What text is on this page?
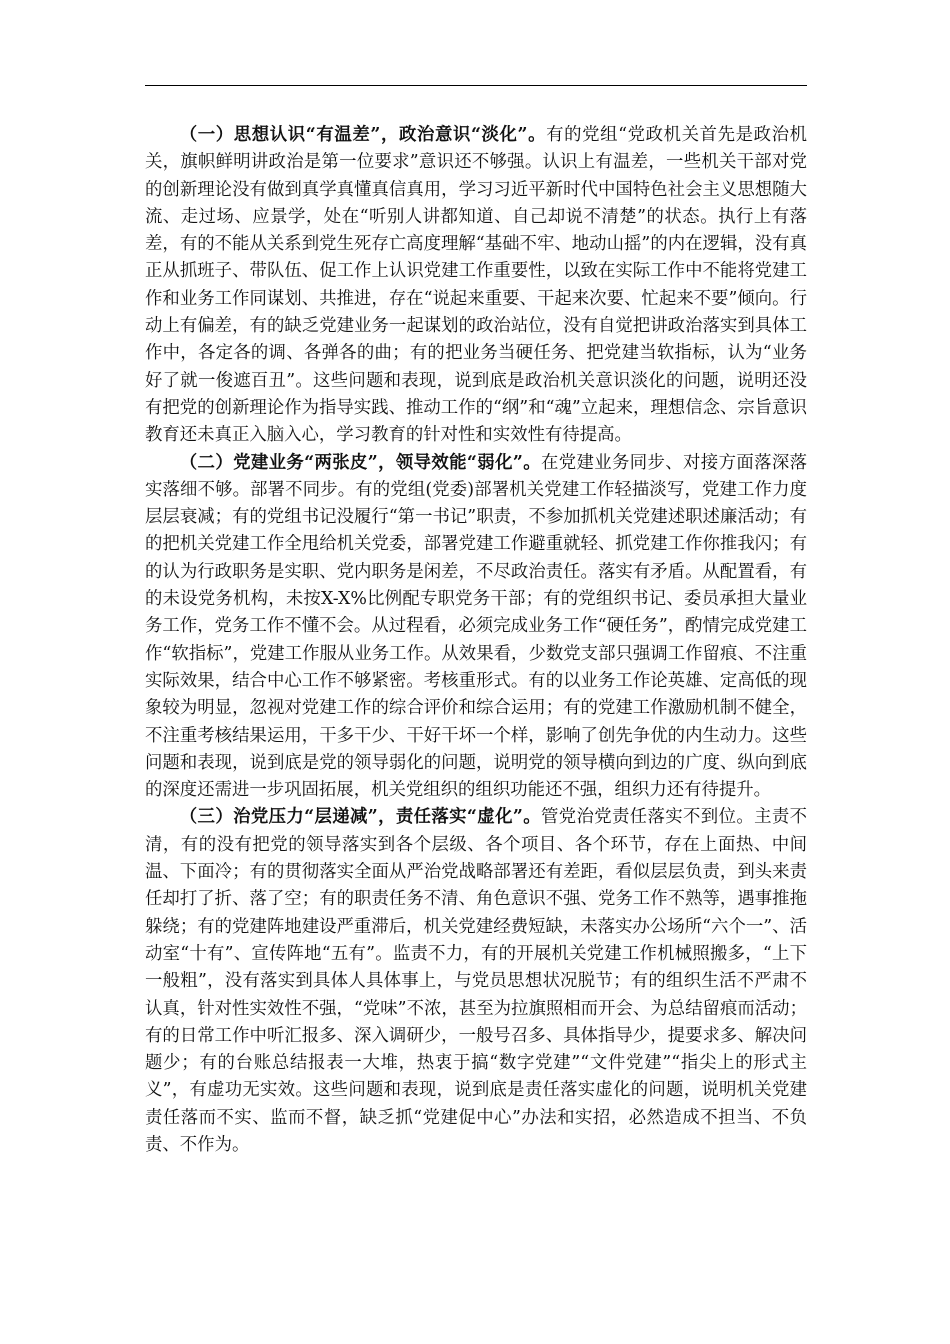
（一）思想认识“有温差”，政治意识“淡化”。有的党组“党政机关首先是政治机关，旗帜鲜明讲政治是第一位要求”意识还不够强。认识上有温差，一些机关干部对党的创新理论没有做到真学真懂真信真用，学习习近平新时代中国特色社会主义思想随大流、走过场、应景学，处在“听别人讲都知道、自己却说不清楚”的状态。执行上有落差，有的不能从关系到党生死存亡高度理解“基础不牢、地动山摇”的内在逻辑，没有真正从抓班子、带队伍、促工作上认识党建工作重要性，以致在实际工作中不能将党建工作和业务工作同谋划、共推进，存在“说起来重要、干起来次要、忙起来不要”倾向。行动上有偏差，有的缺乏党建业务一起谋划的政治站位，没有自觉把讲政治落实到具体工作中，各定各的调、各弹各的曲；有的把业务当硬任务、把党建当软指标，认为“业务好了就一俊遮百丑”。这些问题和表现，说到底是政治机关意识淡化的问题，说明还没有把党的创新理论作为指导实践、推动工作的“纲”和“魂”立起来，理想信念、宗旨意识教育还未真正入脑入心，学习教育的针对性和实效性有待提高。

（二）党建业务“两张皮”，领导效能“弱化”。在党建业务同步、对接方面落深落实落细不够。部署不同步。有的党组(党委)部署机关党建工作轻描淡写，党建工作力度层层衰减；有的党组书记没履行“第一书记”职责，不参加抓机关党建述职述廉活动；有的把机关党建工作全甩给机关党委，部署党建工作避重就轻、抓党建工作你推我闪；有的认为行政职务是实职、党内职务是闲差，不尽政治责任。落实有矛盾。从配置看，有的未设党务机构，未按X-X%比例配专职党务干部；有的党组织书记、委员承担大量业务工作，党务工作不懂不会。从过程看，必须完成业务工作“硬任务”，酌情完成党建工作“软指标”，党建工作服从业务工作。从效果看，少数党支部只强调工作留痕、不注重实际效果，结合中心工作不够紧密。考核重形式。有的以业务工作论英雄、定高低的现象较为明显，忽视对党建工作的综合评价和综合运用；有的党建工作激励机制不健全，不注重考核结果运用，干多干少、干好干坏一个样，影响了创先争优的内生动力。这些问题和表现，说到底是党的领导弱化的问题，说明党的领导横向到边的广度、纵向到底的深度还需进一步巩固拓展，机关党组织的组织功能还不强，组织力还有待提升。

（三）治党压力“层递减”，责任落实“虚化”。管党治党责任落实不到位。主责不清，有的没有把党的领导落实到各个层级、各个项目、各个环节，存在上面热、中间温、下面冷；有的贯彻落实全面从严治党战略部署还有差距，看似层层负责，到头来责任却打了折、落了空；有的职责任务不清、角色意识不强、党务工作不熟等，遇事推拖躲绕；有的党建阵地建设严重滞后，机关党建经费短缺，未落实办公场所“六个一”、活动室“十有”、宣传阵地“五有”。监责不力，有的开展机关党建工作机械照搬多，“上下一般粗”，没有落实到具体人具体事上，与党员思想状况脱节；有的组织生活不严肃不认真，针对性实效性不强，“党味”不浓，甚至为拉旗照相而开会、为总结留痕而活动；有的日常工作中听汇报多、深入调研少，一般号召多、具体指导少，提要求多、解决问题少；有的台账总结报表一大堆，热衷于搞“数字党建”“文件党建”“指尖上的形式主义”，有虚功无实效。这些问题和表现，说到底是责任落实虚化的问题，说明机关党建责任落而不实、监而不督，缺乏抓“党建促中心”办法和实招，必然造成不担当、不负责、不作为。
